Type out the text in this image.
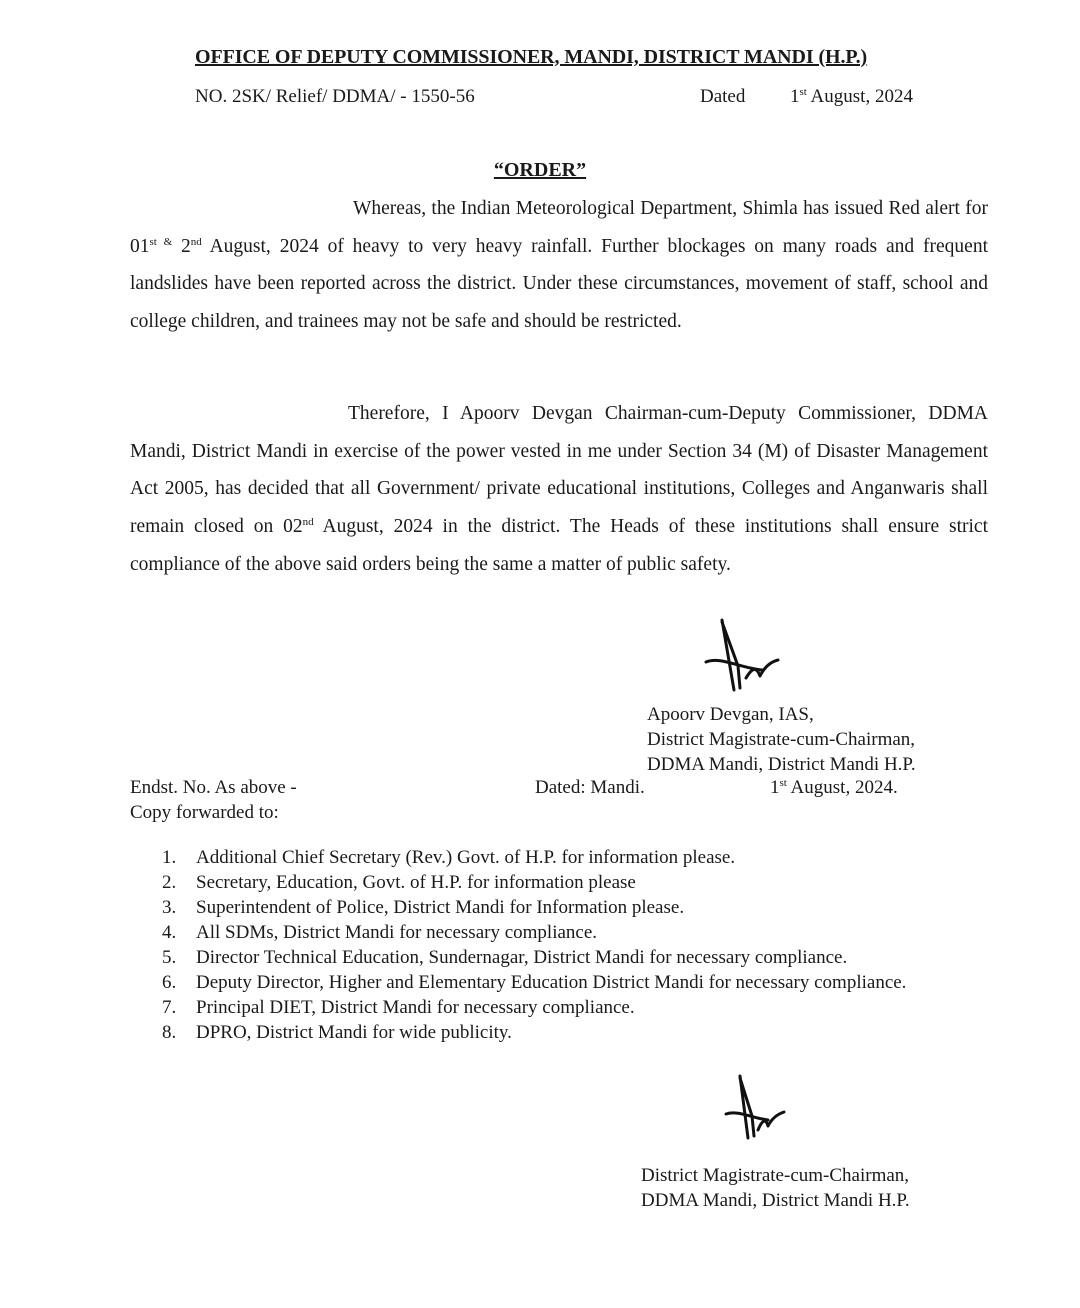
OFFICE OF DEPUTY COMMISSIONER, MANDI, DISTRICT MANDI (H.P.)
NO. 2SK/ Relief/ DDMA/ - 1550-56	Dated 1st August, 2024
“ORDER”
Whereas, the Indian Meteorological Department, Shimla has issued Red alert for $01^{st \&}$ 2nd August, 2024 of heavy to very heavy rainfall. Further blockages on many roads and frequent landslides have been reported across the district. Under these circumstances, movement of staff, school and college children, and trainees may not be safe and should be restricted.
Therefore, I Apoorv Devgan Chairman-cum-Deputy Commissioner, DDMA Mandi, District Mandi in exercise of the power vested in me under Section 34 (M) of Disaster Management Act 2005, has decided that all Government/ private educational institutions, Colleges and Anganwaris shall remain closed on 02nd August, 2024 in the district. The Heads of these institutions shall ensure strict compliance of the above said orders being the same a matter of public safety.
Apoorv Devgan, IAS,
District Magistrate-cum-Chairman,
DDMA Mandi, District Mandi H.P.
Endst. No. As above -	Dated: Mandi.	1st August, 2024.
Copy forwarded to:
1.	Additional Chief Secretary (Rev.) Govt. of H.P. for information please.
2.	Secretary, Education, Govt. of H.P. for information please
3.	Superintendent of Police, District Mandi for Information please.
4.	All SDMs, District Mandi for necessary compliance.
5.	Director Technical Education, Sundernagar, District Mandi for necessary compliance.
6.	Deputy Director, Higher and Elementary Education District Mandi for necessary compliance.
7.	Principal DIET, District Mandi for necessary compliance.
8.	DPRO, District Mandi for wide publicity.
District Magistrate-cum-Chairman,
DDMA Mandi, District Mandi H.P.
